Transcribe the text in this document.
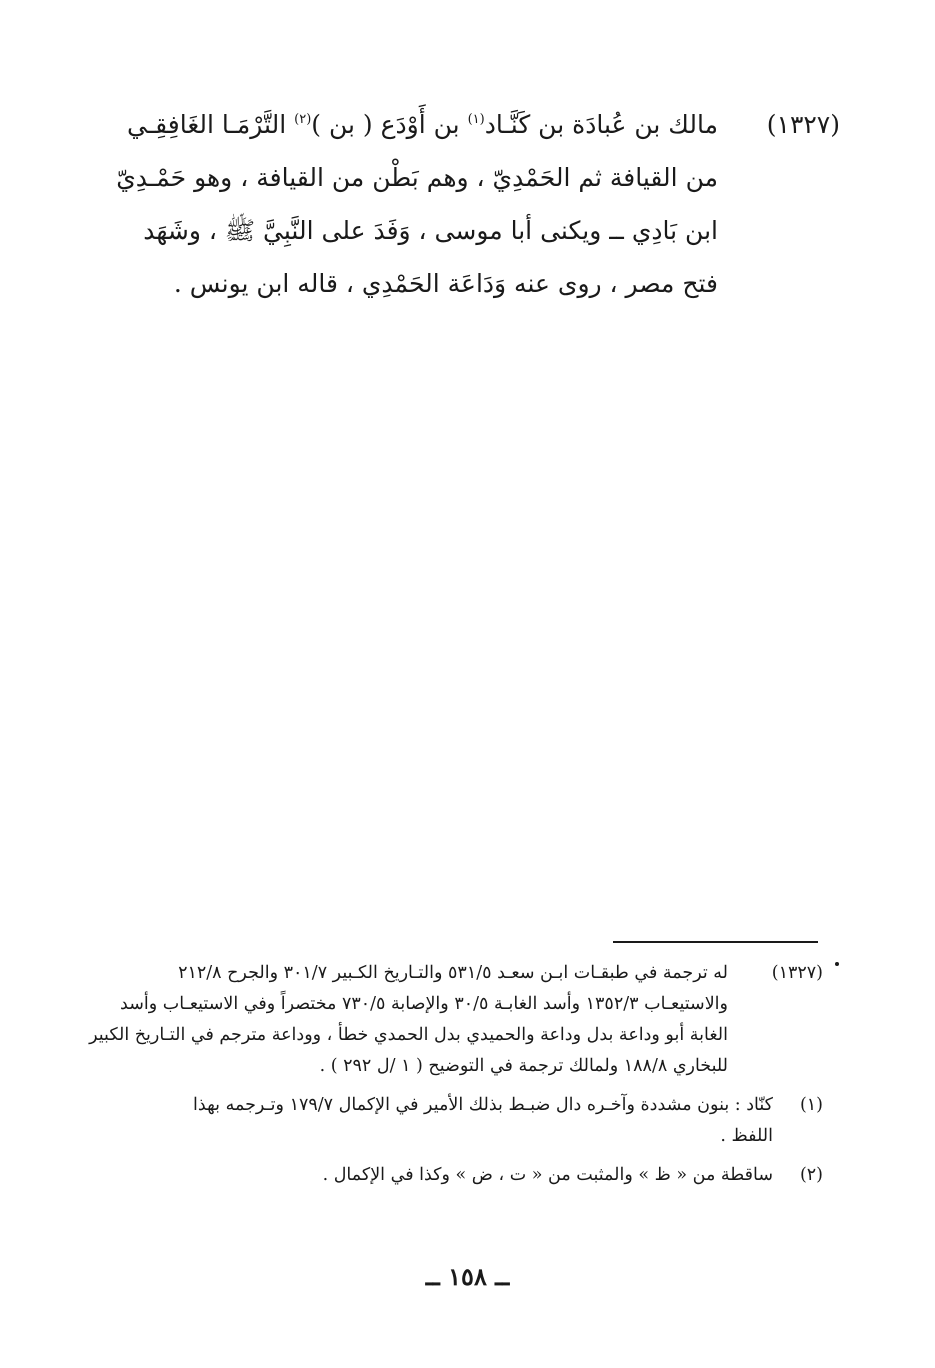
(١٣٢٧)
مالك بن عُبادَة بن كَنَّـاد$^{(١)}$ بن أَوْدَع ( بن )$^{(٢)}$ التَّرْمَـا الغَافِقِـي
من القيافة ثم الحَمْدِيّ ، وهم بَطْن من القيافة ، وهو حَمْـدِيّ
ابن بَادِي ــ ويكنى أبا موسى ، وَفَدَ على النَّبِيَّ ﷺ ، وشَهَد
فتح مصر ، روى عنه وَدَاعَة الحَمْدِي ، قاله ابن يونس .
(١٣٢٧)
له ترجمة في طبقـات ابـن سعـد ٥٣١/٥ والتـاريخ الكـبير ٣٠١/٧ والجرح ٢١٢/٨
والاستيعـاب ١٣٥٢/٣ وأسد الغابـة ٣٠/٥ والإصابة ٧٣٠/٥ مختصراً وفي الاستيعـاب وأسد
الغابة أبو وداعة بدل وداعة والحميدي بدل الحمدي خطأ ، ووداعة مترجم في التـاريخ الكبير
للبخاري ١٨٨/٨ ولمالك ترجمة في التوضيح ( ١ /ل ٢٩٢ ) .
(١)
كنّاد : بنون مشددة وآخـره دال ضبـط بذلك الأمير في الإكمال ١٧٩/٧ وتـرجمه بهذا
اللفظ .
(٢)
ساقطة من « ظ » والمثبت من « ت ، ض » وكذا في الإكمال .
ــ ١٥٨ ــ
